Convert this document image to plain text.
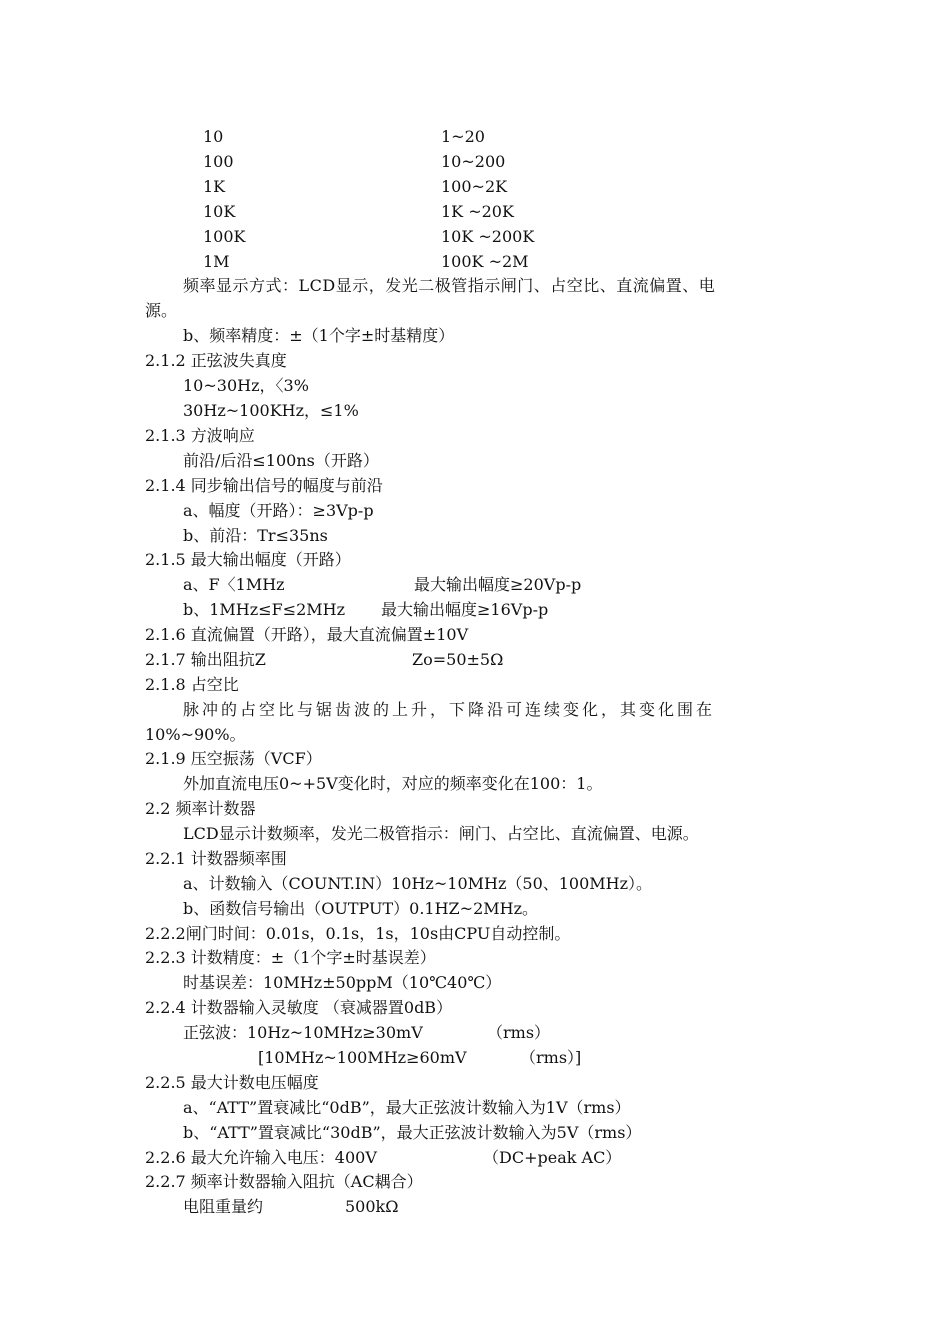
10	1~20
100	10~200
1K	100~2K
10K	1K ~20K
100K	10K ~200K
1M	100K ~2M
频率显示方式：LCD显示，发光二极管指示闸门、占空比、直流偏置、电
源。
b、频率精度：±（1个字±时基精度）
2.1.2 正弦波失真度
10~30Hz，〈3%
30Hz~100KHz，≤1%
2.1.3 方波响应
前沿/后沿≤100ns（开路）
2.1.4 同步输出信号的幅度与前沿
a、幅度（开路）：≥3Vp-p
b、前沿：Tr≤35ns
2.1.5 最大输出幅度（开路）
a、F〈1MHz	最大输出幅度≥20Vp-p
b、1MHz≤F≤2MHz 最大输出幅度≥16Vp-p
2.1.6 直流偏置（开路），最大直流偏置±10V
2.1.7 输出阻抗Z	Zo=50±5Ω
2.1.8 占空比
脉冲的占空比与锯齿波的上升，下降沿可连续变化，其变化围在
10%~90%。
2.1.9 压空振荡（VCF）
外加直流电压0~+5V变化时，对应的频率变化在100：1。
2.2 频率计数器
LCD显示计数频率，发光二极管指示：闸门、占空比、直流偏置、电源。
2.2.1 计数器频率围
a、计数输入（COUNT.IN）10Hz~10MHz（50、100MHz）。
b、函数信号输出（OUTPUT）0.1HZ~2MHz。
2.2.2闸门时间：0.01s，0.1s，1s，10s由CPU自动控制。
2.2.3 计数精度：±（1个字±时基误差）
时基误差：10MHz±50ppM（10℃40℃）
2.2.4 计数器输入灵敏度 （衰减器置0dB）
正弦波：10Hz~10MHz≥30mV	（rms）
[10MHz~100MHz≥60mV	（rms）]
2.2.5 最大计数电压幅度
a、“ATT”置衰减比“0dB”，最大正弦波计数输入为1V（rms）
b、“ATT”置衰减比“30dB”，最大正弦波计数输入为5V（rms）
2.2.6 最大允许输入电压：400V	（DC+peak AC）
2.2.7 频率计数器输入阻抗（AC耦合）
电阻重量约	500kΩ
